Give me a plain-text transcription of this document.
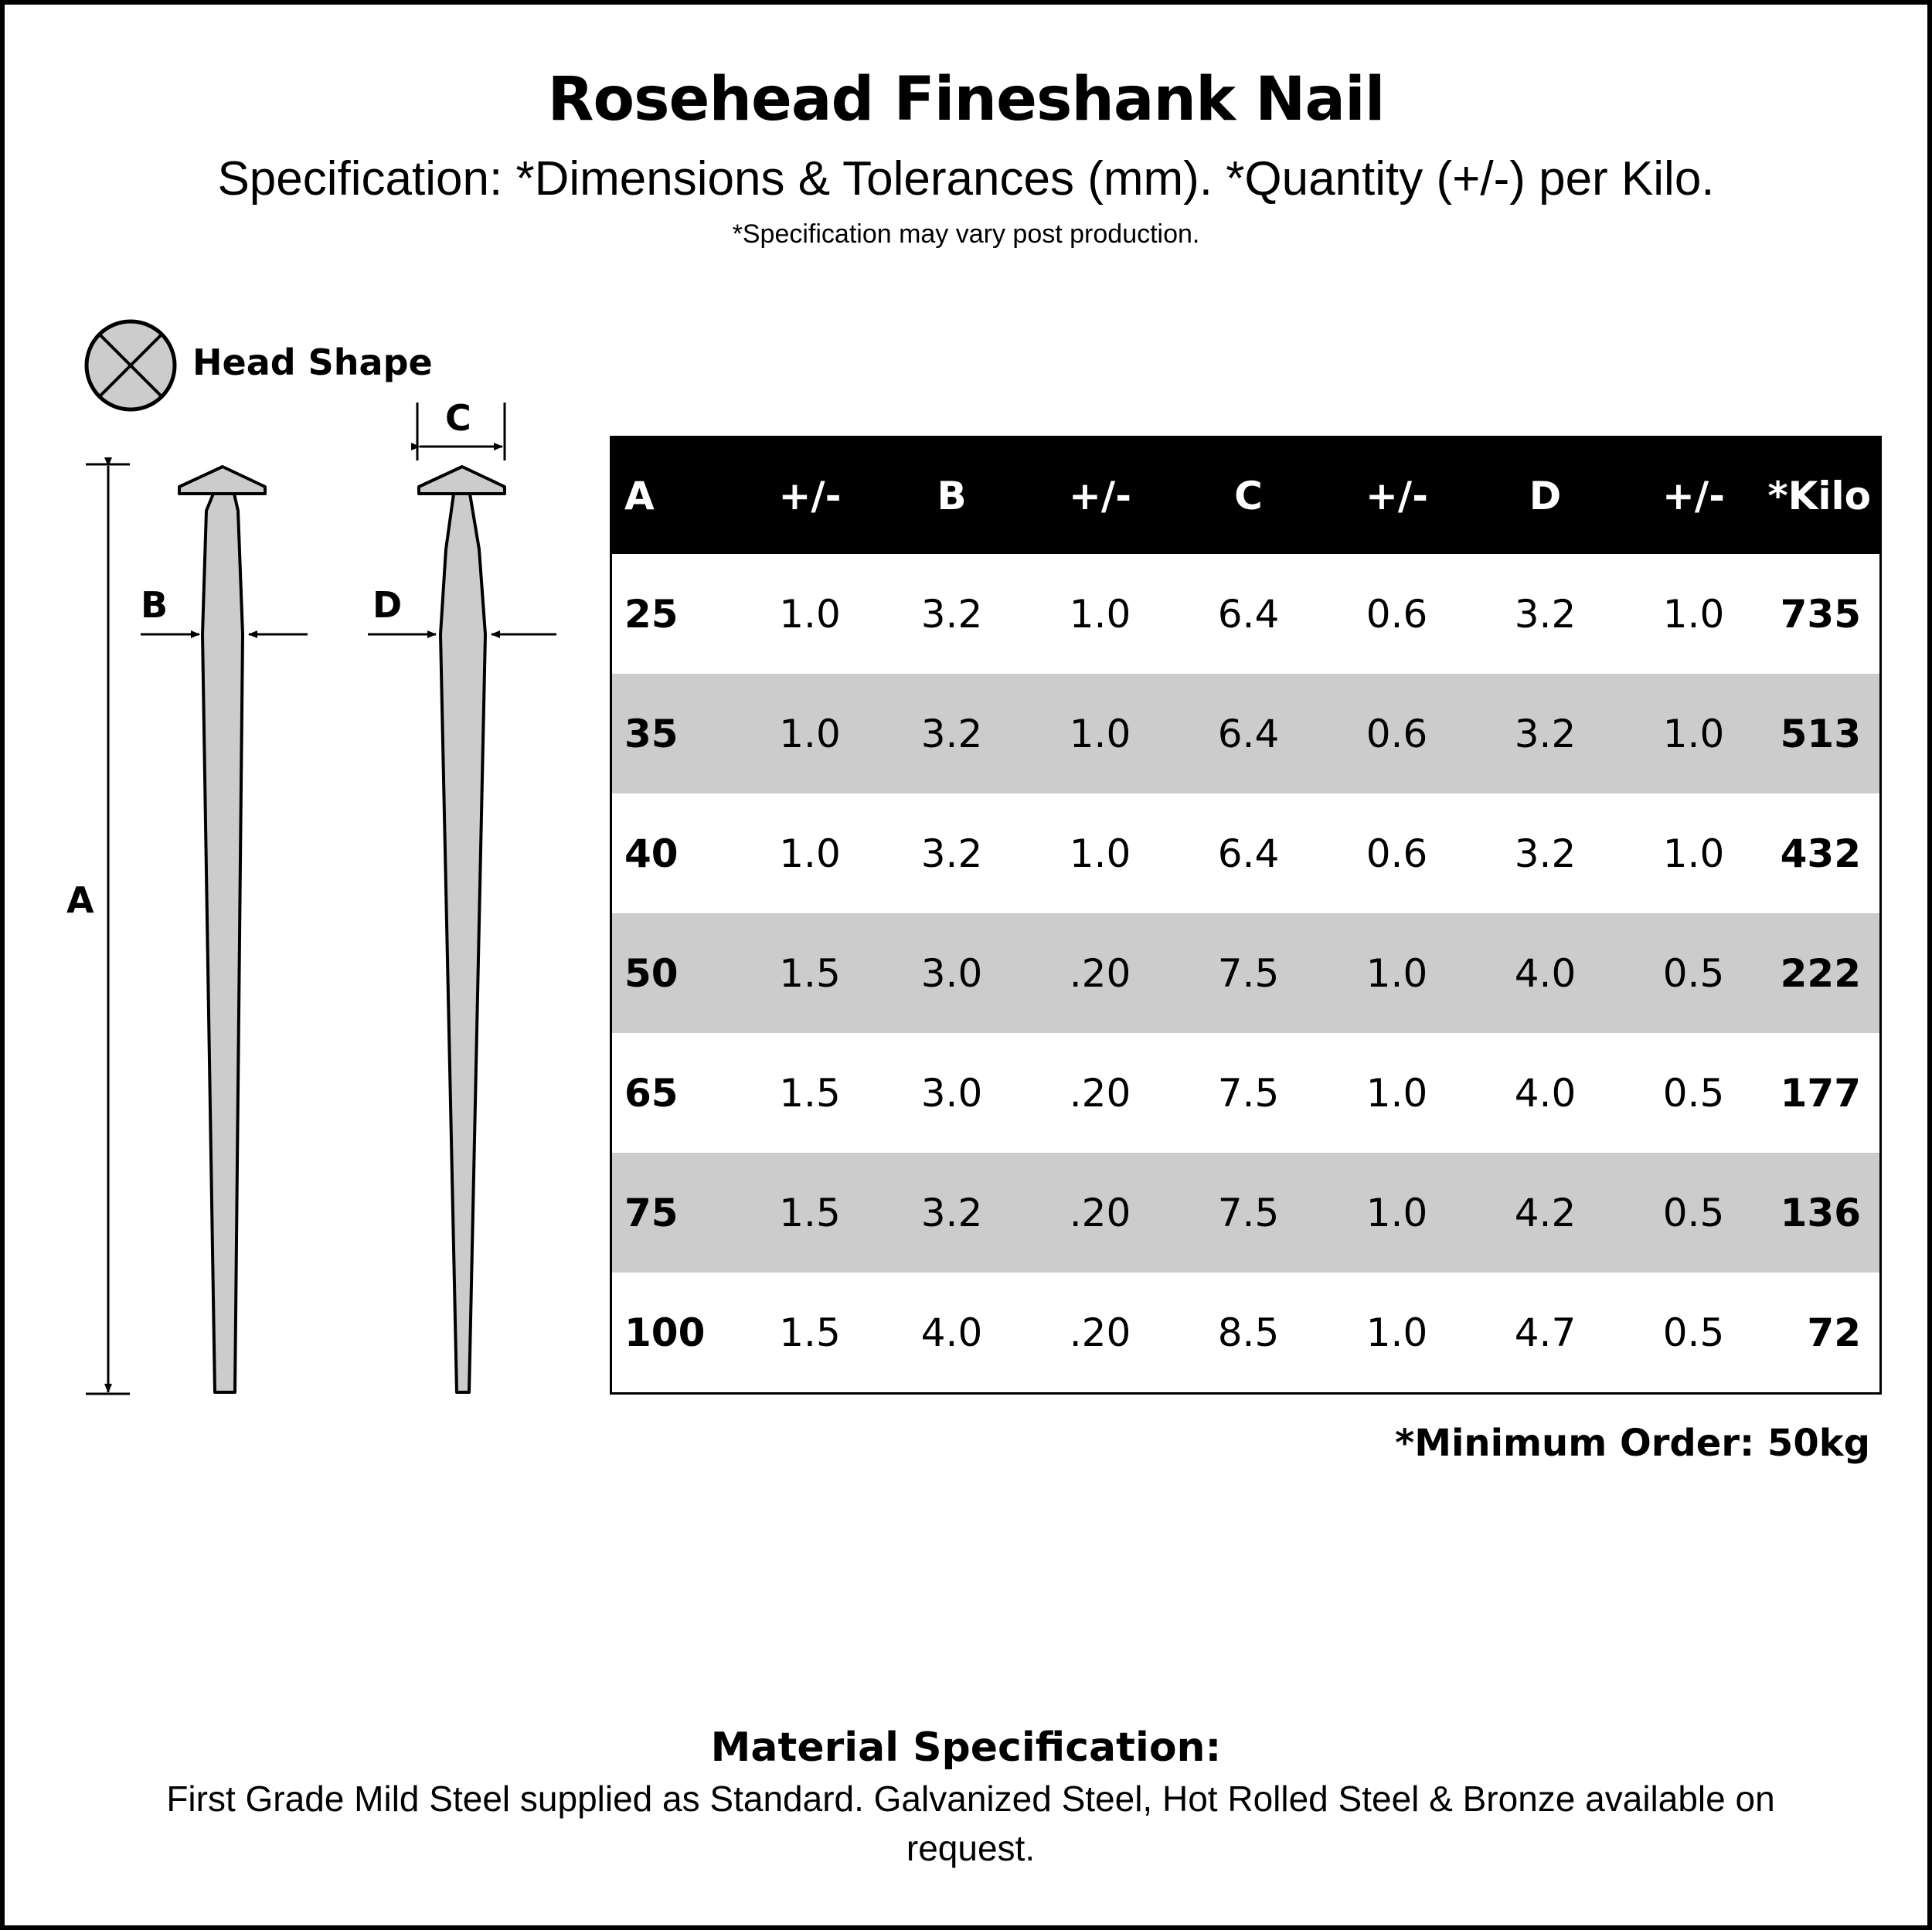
Rosehead Fineshank Nail
Specification: *Dimensions & Tolerances (mm). *Quantity (+/-) per Kilo.
*Specification may vary post production.
A
B
C
D
Head Shape
A	+/-	B	+/-	C	+/-	D	+/-	*Kilo
25	1.0	3.2	1.0	6.4	0.6	3.2	1.0	735
35	1.0	3.2	1.0	6.4	0.6	3.2	1.0	513
40	1.0	3.2	1.0	6.4	0.6	3.2	1.0	432
50	1.5	3.0	.20	7.5	1.0	4.0	0.5	222
65	1.5	3.0	.20	7.5	1.0	4.0	0.5	177
75	1.5	3.2	.20	7.5	1.0	4.2	0.5	136
100	1.5	4.0	.20	8.5	1.0	4.7	0.5	72
*Minimum Order: 50kg
Material Specification:
First Grade Mild Steel supplied as Standard. Galvanized Steel, Hot Rolled Steel & Bronze available on request.
